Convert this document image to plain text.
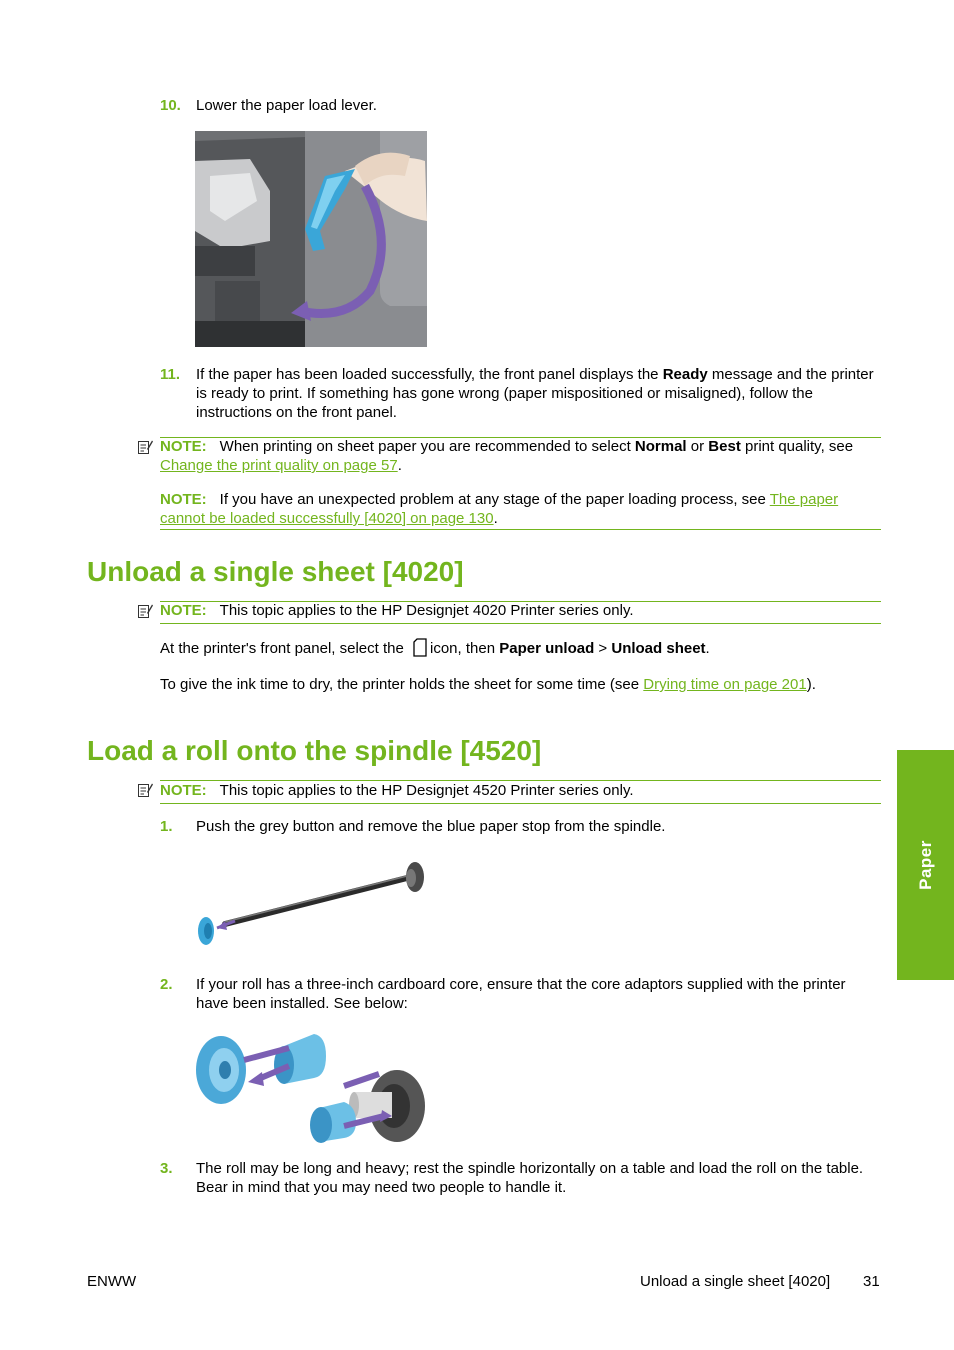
10. Lower the paper load lever.
11. If the paper has been loaded successfully, the front panel displays the Ready message and the printer is ready to print. If something has gone wrong (paper mispositioned or misaligned), follow the instructions on the front panel.
NOTE: When printing on sheet paper you are recommended to select Normal or Best print quality, see Change the print quality on page 57.
NOTE: If you have an unexpected problem at any stage of the paper loading process, see The paper cannot be loaded successfully [4020] on page 130.
Unload a single sheet [4020]
NOTE: This topic applies to the HP Designjet 4020 Printer series only.
At the printer's front panel, select the icon, then Paper unload > Unload sheet.
To give the ink time to dry, the printer holds the sheet for some time (see Drying time on page 201).
Load a roll onto the spindle [4520]
NOTE: This topic applies to the HP Designjet 4520 Printer series only.
1. Push the grey button and remove the blue paper stop from the spindle.
2. If your roll has a three-inch cardboard core, ensure that the core adaptors supplied with the printer have been installed. See below:
3. The roll may be long and heavy; rest the spindle horizontally on a table and load the roll on the table. Bear in mind that you may need two people to handle it.
Paper
ENWW	Unload a single sheet [4020] 31
